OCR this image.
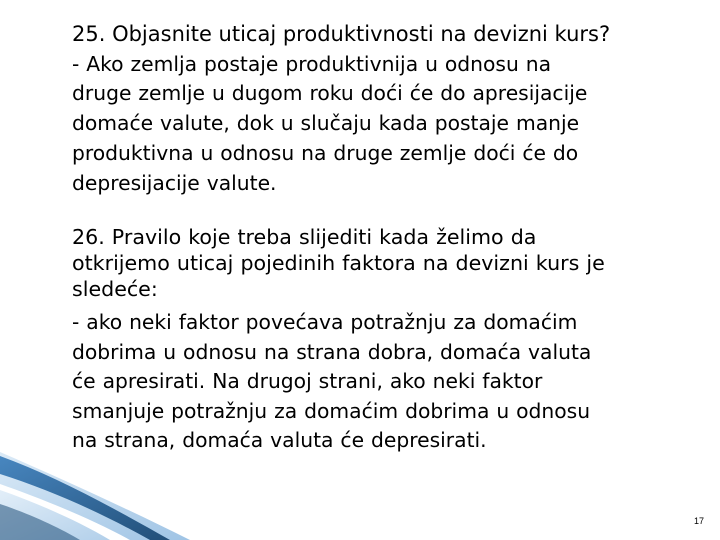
25. Objasnite uticaj produktivnosti na devizni kurs?

- Ako zemlja postaje produktivnija u odnosu na
druge zemlje u dugom roku doći će do apresijacije
domaće valute, dok u slučaju kada postaje manje
produktivna u odnosu na druge zemlje doći će do
depresijacije valute.

26. Pravilo koje treba slijediti kada želimo da
otkrijemo uticaj pojedinih faktora na devizni kurs je
sledeće:

- ako neki faktor povećava potražnju za domaćim
dobrima u odnosu na strana dobra, domaća valuta
će apresirati. Na drugoj strani, ako neki faktor
smanjuje potražnju za domaćim dobrima u odnosu
na strana, domaća valuta će depresirati.

17
